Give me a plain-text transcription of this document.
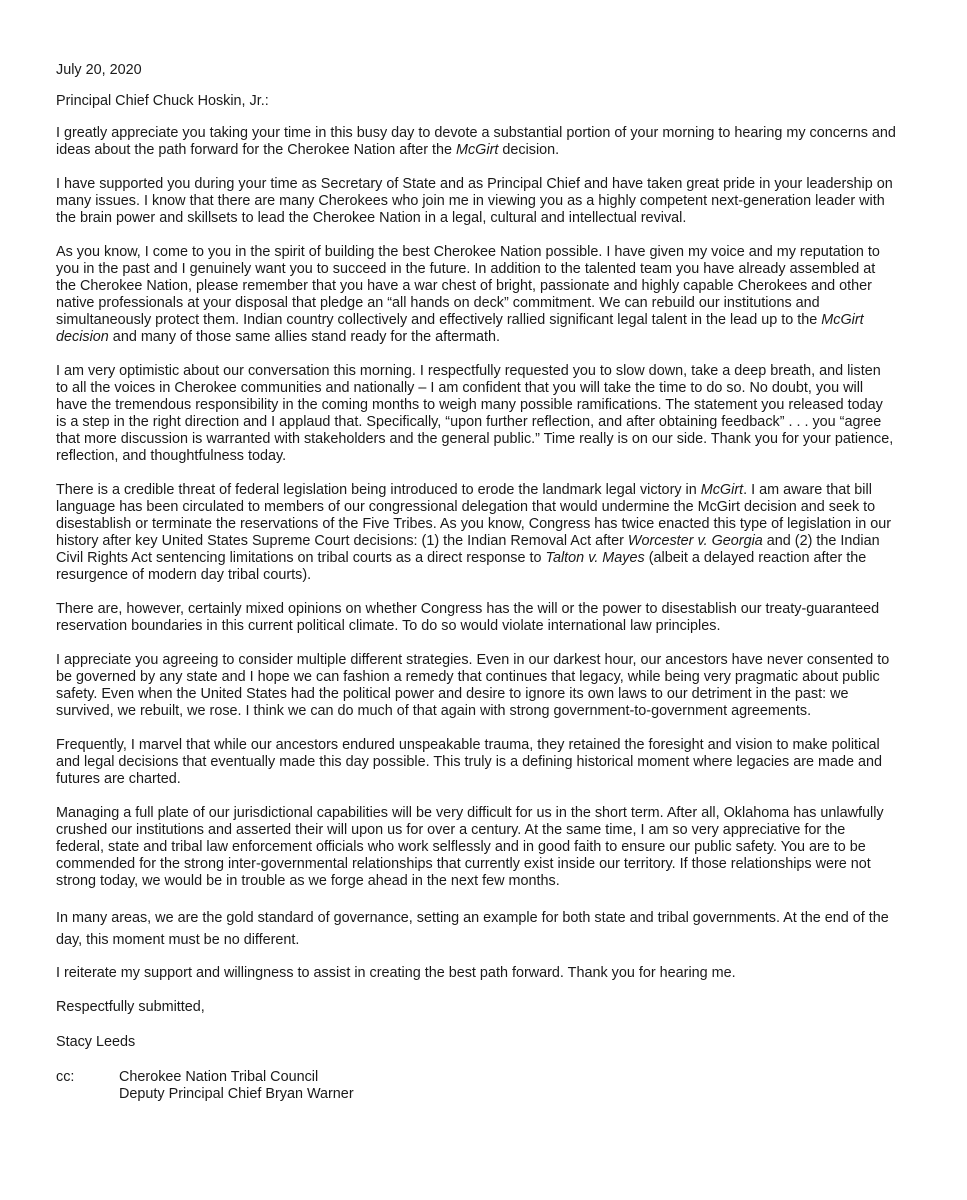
July 20, 2020
Principal Chief Chuck Hoskin, Jr.:

I greatly appreciate you taking your time in this busy day to devote a substantial portion of your morning to hearing my concerns and ideas about the path forward for the Cherokee Nation after the McGirt decision.

I have supported you during your time as Secretary of State and as Principal Chief and have taken great pride in your leadership on many issues. I know that there are many Cherokees who join me in viewing you as a highly competent next-generation leader with the brain power and skillsets to lead the Cherokee Nation in a legal, cultural and intellectual revival.

As you know, I come to you in the spirit of building the best Cherokee Nation possible. I have given my voice and my reputation to you in the past and I genuinely want you to succeed in the future. In addition to the talented team you have already assembled at the Cherokee Nation, please remember that you have a war chest of bright, passionate and highly capable Cherokees and other native professionals at your disposal that pledge an “all hands on deck” commitment. We can rebuild our institutions and simultaneously protect them. Indian country collectively and effectively rallied significant legal talent in the lead up to the McGirt decision and many of those same allies stand ready for the aftermath.

I am very optimistic about our conversation this morning. I respectfully requested you to slow down, take a deep breath, and listen to all the voices in Cherokee communities and nationally – I am confident that you will take the time to do so. No doubt, you will have the tremendous responsibility in the coming months to weigh many possible ramifications. The statement you released today is a step in the right direction and I applaud that. Specifically, “upon further reflection, and after obtaining feedback” . . . you “agree that more discussion is warranted with stakeholders and the general public.” Time really is on our side. Thank you for your patience, reflection, and thoughtfulness today.

There is a credible threat of federal legislation being introduced to erode the landmark legal victory in McGirt. I am aware that bill language has been circulated to members of our congressional delegation that would undermine the McGirt decision and seek to disestablish or terminate the reservations of the Five Tribes. As you know, Congress has twice enacted this type of legislation in our history after key United States Supreme Court decisions: (1) the Indian Removal Act after Worcester v. Georgia and (2) the Indian Civil Rights Act sentencing limitations on tribal courts as a direct response to Talton v. Mayes (albeit a delayed reaction after the resurgence of modern day tribal courts).

There are, however, certainly mixed opinions on whether Congress has the will or the power to disestablish our treaty-guaranteed reservation boundaries in this current political climate. To do so would violate international law principles.

I appreciate you agreeing to consider multiple different strategies. Even in our darkest hour, our ancestors have never consented to be governed by any state and I hope we can fashion a remedy that continues that legacy, while being very pragmatic about public safety. Even when the United States had the political power and desire to ignore its own laws to our detriment in the past: we survived, we rebuilt, we rose. I think we can do much of that again with strong government-to-government agreements.

Frequently, I marvel that while our ancestors endured unspeakable trauma, they retained the foresight and vision to make political and legal decisions that eventually made this day possible. This truly is a defining historical moment where legacies are made and futures are charted.

Managing a full plate of our jurisdictional capabilities will be very difficult for us in the short term. After all, Oklahoma has unlawfully crushed our institutions and asserted their will upon us for over a century. At the same time, I am so very appreciative for the federal, state and tribal law enforcement officials who work selflessly and in good faith to ensure our public safety. You are to be commended for the strong inter-governmental relationships that currently exist inside our territory. If those relationships were not strong today, we would be in trouble as we forge ahead in the next few months.

In many areas, we are the gold standard of governance, setting an example for both state and tribal governments. At the end of the day, this moment must be no different.

I reiterate my support and willingness to assist in creating the best path forward. Thank you for hearing me.

Respectfully submitted,
Stacy Leeds
cc:	Cherokee Nation Tribal Council
Deputy Principal Chief Bryan Warner
